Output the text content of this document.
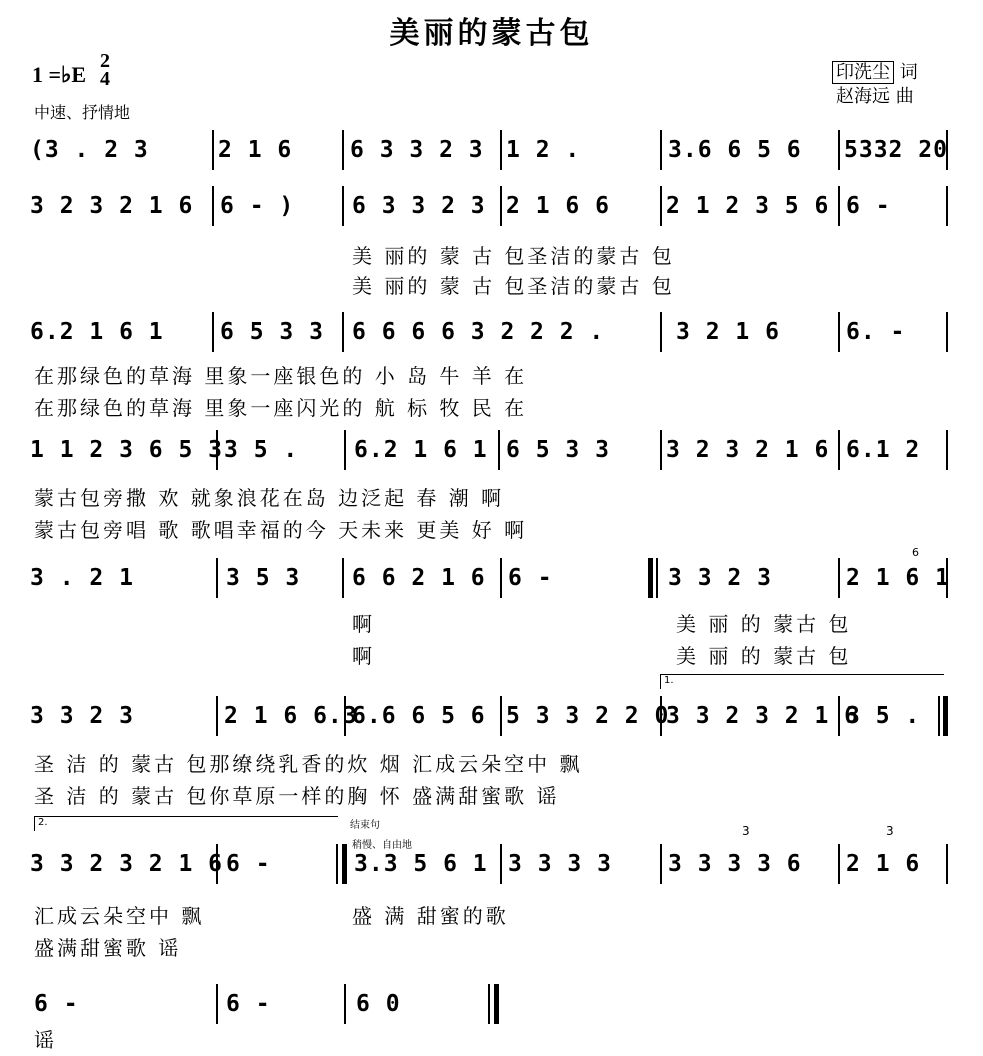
美丽的蒙古包
1 =♭E
2
4
中速、抒情地
印洗尘 词
赵海远 曲
(3 . 2 3	2 1 6	6 3 3 2 3 1 2 .	3.6 6 5 6	5332 20
3 2 3 2 1 6	6 - )	6 3 3 2 3 2 1 6 6	2 1 2 3 5 6 6 -
美 丽的 蒙 古 包圣洁的蒙古 包
美 丽的 蒙 古 包圣洁的蒙古 包
6.2 1 6 1	6 5 3 3	6 6 6 6 3 2 2 2 .	3 2 1 6	6. -
在那绿色的草海 里象一座银色的 小 岛 牛 羊 在
在那绿色的草海 里象一座闪光的 航 标 牧 民 在
1 1 2 3 6 5 3 3 5 .	6.2 1 6 1 6 5 3 3	3 2 3 2 1 6 6.1 2
蒙古包旁撒 欢 就象浪花在岛 边泛起 春 潮 啊
蒙古包旁唱 歌 歌唱幸福的今 天未来 更美 好 啊
3 . 2 1	3 5 3	6 6 2 1 6 6 -	3 3 2 3	2 1 6 1
6
啊	美 丽 的 蒙古 包
啊	美 丽 的 蒙古 包
1.
3 3 2 3	2 1 6 6.3
6.6 6 5 6 5 3 3 2 2 0
3 3 2 3 2 1 6
3 5 .
圣 洁 的 蒙古 包那缭绕乳香的炊 烟 汇成云朵空中 飘
圣 洁 的 蒙古 包你草原一样的胸 怀 盛满甜蜜歌 谣
2.	结束句
稍慢、自由地
3	3
3 3 2 3 2 1 6 6 -	3.3 5 6 1 3 3 3 3	3 3 3 3 6	2 1 6
汇成云朵空中 飘	盛 满 甜蜜的歌
盛满甜蜜歌 谣
6 -	6 -	6 0
谣
